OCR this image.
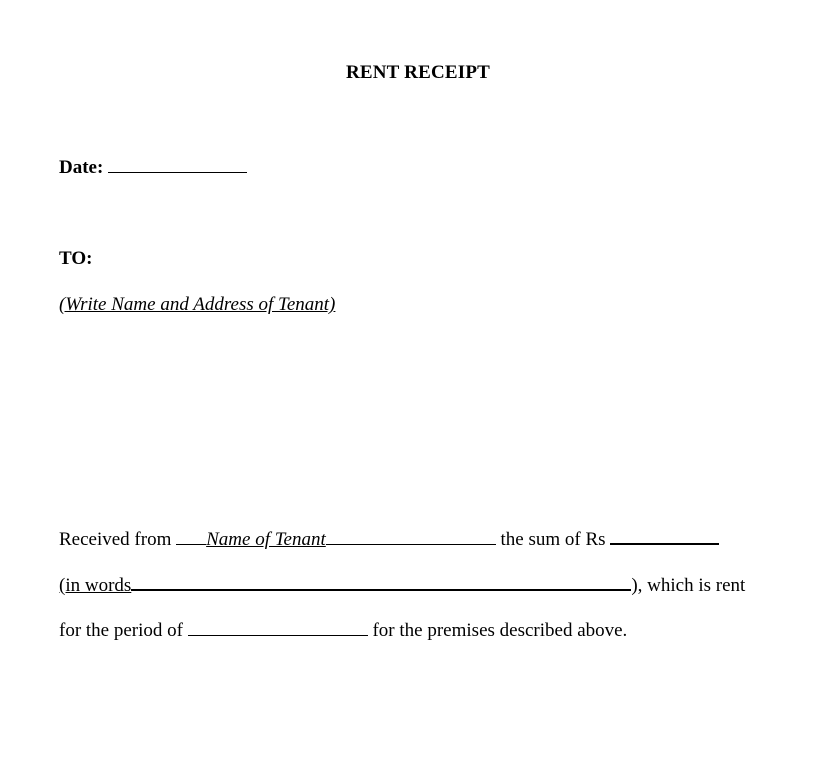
RENT RECEIPT
Date:
TO:
(Write Name and Address of Tenant)
Received from Name of Tenant	the sum of Rs
(in words	), which is rent
for the period of	for the premises described above.
